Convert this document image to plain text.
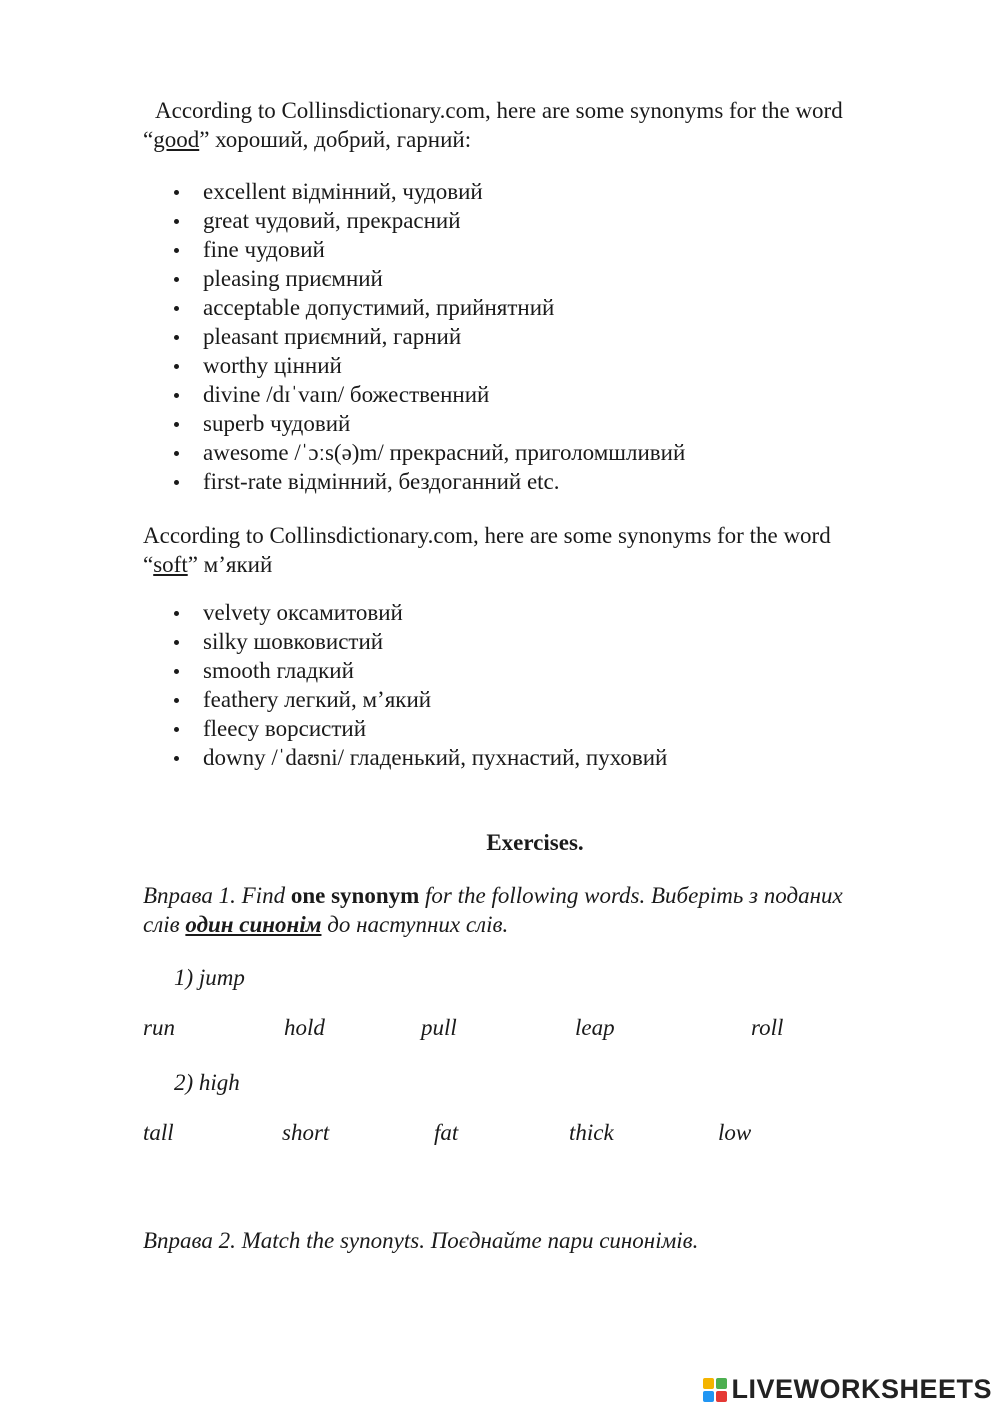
According to Collinsdictionary.com, here are some synonyms for the word
“good” хороший, добрий, гарний:

excellent відмінний, чудовий
great чудовий, прекрасний
fine чудовий
pleasing приємний
acceptable допустимий, прийнятний
pleasant приємний, гарний
worthy цінний
divine /dɪˈvaɪn/ божественний
superb чудовий
awesome /ˈɔːs(ə)m/ прекрасний, приголомшливий
first-rate відмінний, бездоганний etc.

According to Collinsdictionary.com, here are some synonyms for the word
“soft” м’який

velvety оксамитовий
silky шовковистий
smooth гладкий
feathery легкий, м’який
fleecy ворсистий
downy /ˈdaʊni/ гладенький, пухнастий, пуховий
Exercises.
Вправа 1. Find one synonym for the following words. Виберіть з поданих
слів один синонім до наступних слів.
1) jump
run	hold	pull	leap	roll
2) high
tall	short	fat	thick	low
Вправа 2. Match the synonyts. Поєднайте пари синонімів.
LIVEWORKSHEETS
